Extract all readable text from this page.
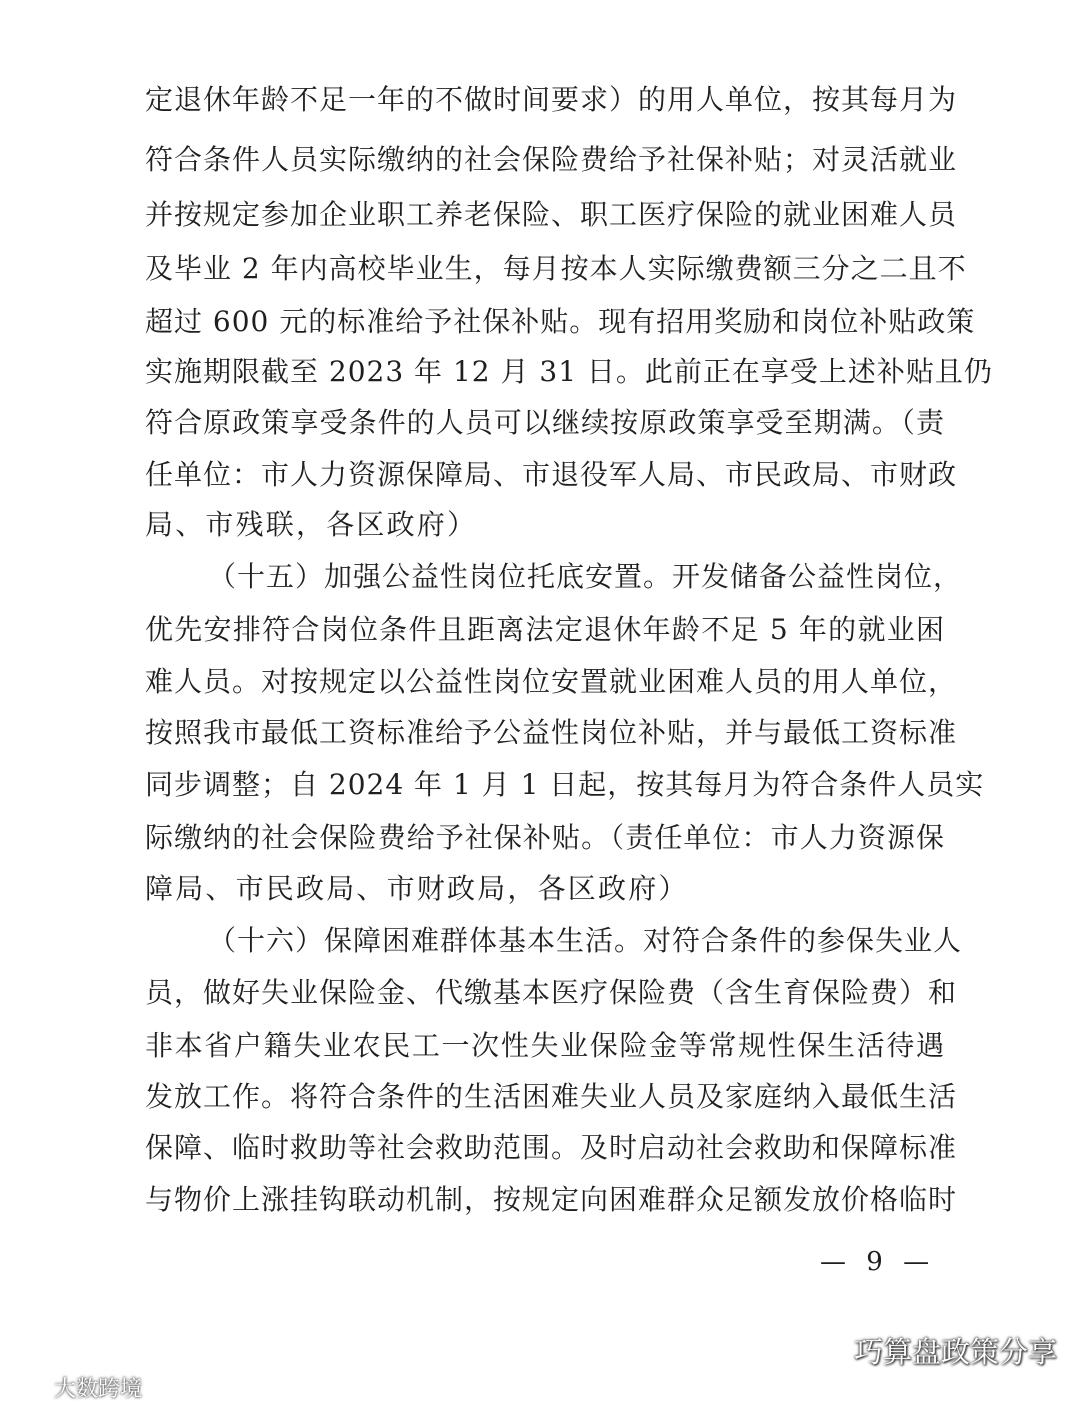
定退休年龄不足一年的不做时间要求）的用人单位，按其每月为
符合条件人员实际缴纳的社会保险费给予社保补贴；对灵活就业
并按规定参加企业职工养老保险、职工医疗保险的就业困难人员
及毕业 2 年内高校毕业生，每月按本人实际缴费额三分之二且不
超过 600 元的标准给予社保补贴。现有招用奖励和岗位补贴政策
实施期限截至 2023 年 12 月 31 日。此前正在享受上述补贴且仍
符合原政策享受条件的人员可以继续按原政策享受至期满。（责
任单位：市人力资源保障局、市退役军人局、市民政局、市财政
局、市残联，各区政府）
（十五）加强公益性岗位托底安置。开发储备公益性岗位，
优先安排符合岗位条件且距离法定退休年龄不足 5 年的就业困
难人员。对按规定以公益性岗位安置就业困难人员的用人单位，
按照我市最低工资标准给予公益性岗位补贴，并与最低工资标准
同步调整；自 2024 年 1 月 1 日起，按其每月为符合条件人员实
际缴纳的社会保险费给予社保补贴。（责任单位：市人力资源保
障局、市民政局、市财政局，各区政府）
（十六）保障困难群体基本生活。对符合条件的参保失业人
员，做好失业保险金、代缴基本医疗保险费（含生育保险费）和
非本省户籍失业农民工一次性失业保险金等常规性保生活待遇
发放工作。将符合条件的生活困难失业人员及家庭纳入最低生活
保障、临时救助等社会救助范围。及时启动社会救助和保障标准
与物价上涨挂钩联动机制，按规定向困难群众足额发放价格临时
— 9 —
巧算盘政策分享
大数跨境
